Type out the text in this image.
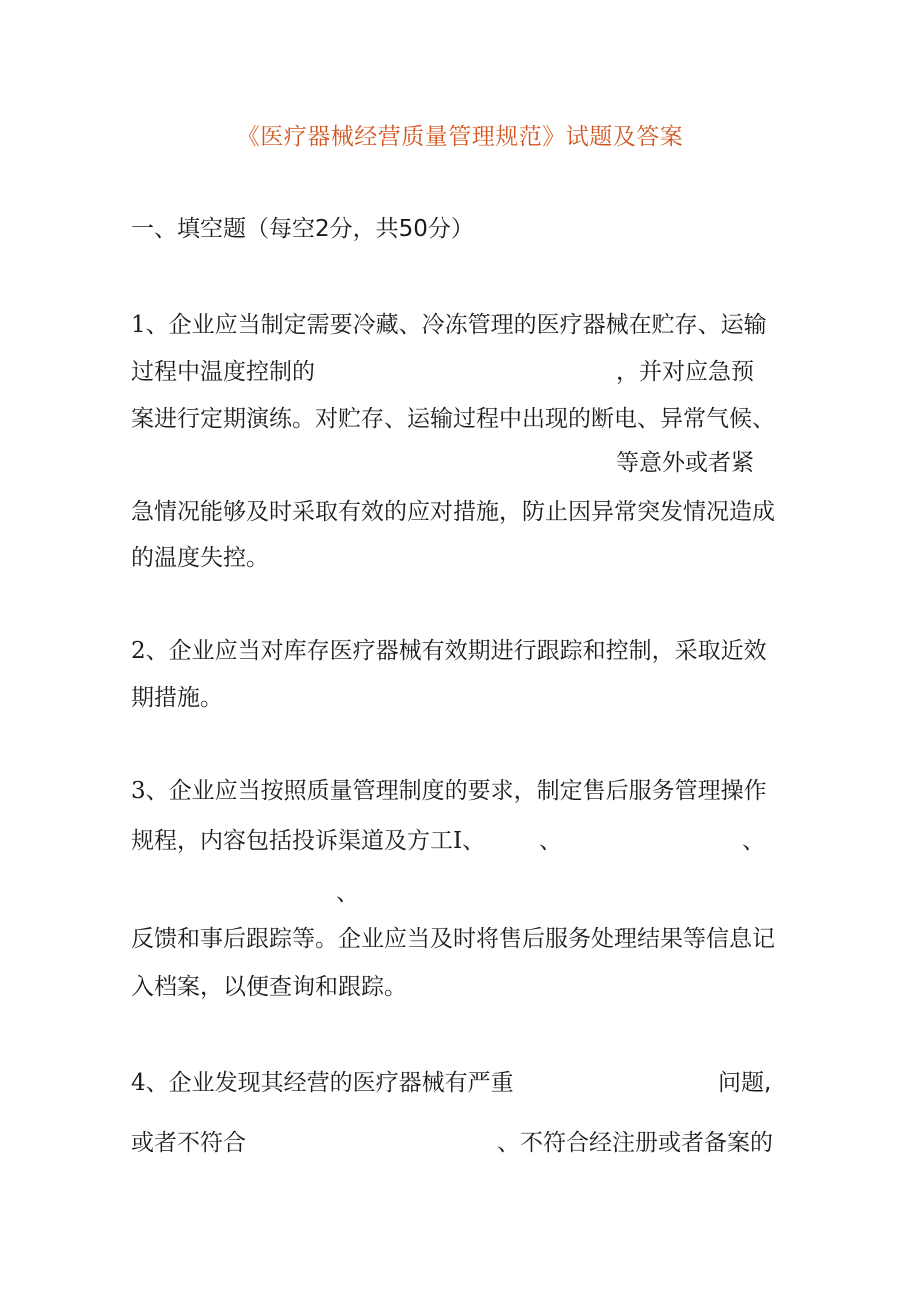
《医疗器械经营质量管理规范》试题及答案
一、填空题（每空2分，共50分）
1、企业应当制定需要冷藏、冷冻管理的医疗器械在贮存、运输
过程中温度控制的	，并对应急预
案进行定期演练。对贮存、运输过程中出现的断电、异常气候、
等意外或者紧
急情况能够及时采取有效的应对措施，防止因异常突发情况造成
的温度失控。
2、企业应当对库存医疗器械有效期进行跟踪和控制，采取近效
期措施。
3、企业应当按照质量管理制度的要求，制定售后服务管理操作
规程，内容包括投诉渠道及方工I、 、	、
、
反馈和事后跟踪等。企业应当及时将售后服务处理结果等信息记
入档案，以便查询和跟踪。
4、企业发现其经营的医疗器械有严重	问题,
或者不符合	、不符合经注册或者备案的
